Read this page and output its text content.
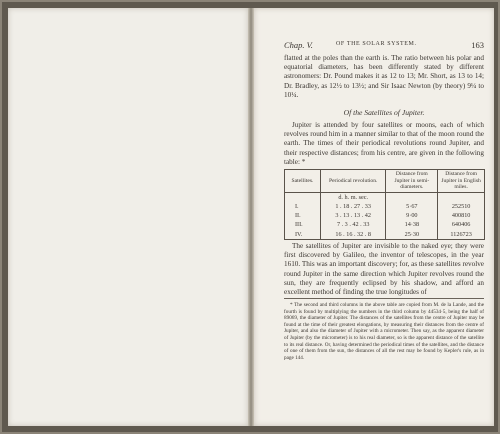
Chap. V.	OF THE SOLAR SYSTEM.	163

flatted at the poles than the earth is. The ratio between his polar and equatorial diameters, has been differently stated by different astronomers: Dr. Pound makes it as 12 to 13; Mr. Short, as 13 to 14; Dr. Bradley, as 12½ to 13½; and Sir Isaac Newton (by theory) 9¼ to 10¼.

Of the Satellites of Jupiter.

Jupiter is attended by four satellites or moons, each of which revolves round him in a manner similar to that of the moon round the earth. The times of their periodical revolutions round Jupiter, and their respective distances; from his centre, are given in the following table: *

Satellites.	Periodical revolution.	Distance from Jupiter in semi-diameters.	Distance from Jupiter in English miles.
	d. h. m. sec.		
I.	1 . 18 . 27 . 33	5·67	252510
II.	3 . 13 . 13 . 42	9·00	400810
III.	7 . 3 . 42 . 33	14·38	640406
IV.	16 . 16 . 32 . 8	25·30	1126723

The satellites of Jupiter are invisible to the naked eye; they were first discovered by Galileo, the inventor of telescopes, in the year 1610. This was an important discovery; for, as these satellites revolve round Jupiter in the same direction which Jupiter revolves round the sun, they are frequently eclipsed by his shadow, and afford an excellent method of finding the true longitudes of

* The second and third columns in the above table are copied from M. de la Lande, and the fourth is found by multiplying the numbers in the third column by 44534·5, being the half of 89069, the diameter of Jupiter. The distances of the satellites from the centre of Jupiter may be found at the time of their greatest elongations, by measuring their distances from the centre of Jupiter, and also the diameter of Jupiter with a micrometer. Then say, as the apparent diameter of Jupiter (by the micrometer) is to his real diameter, so is the apparent distance of the satellite to its real distance. Or, having determined the periodical times of the satellites, and the distance of one of them from the sun, the distances of all the rest may be found by Kepler's rule, as in page 144.
